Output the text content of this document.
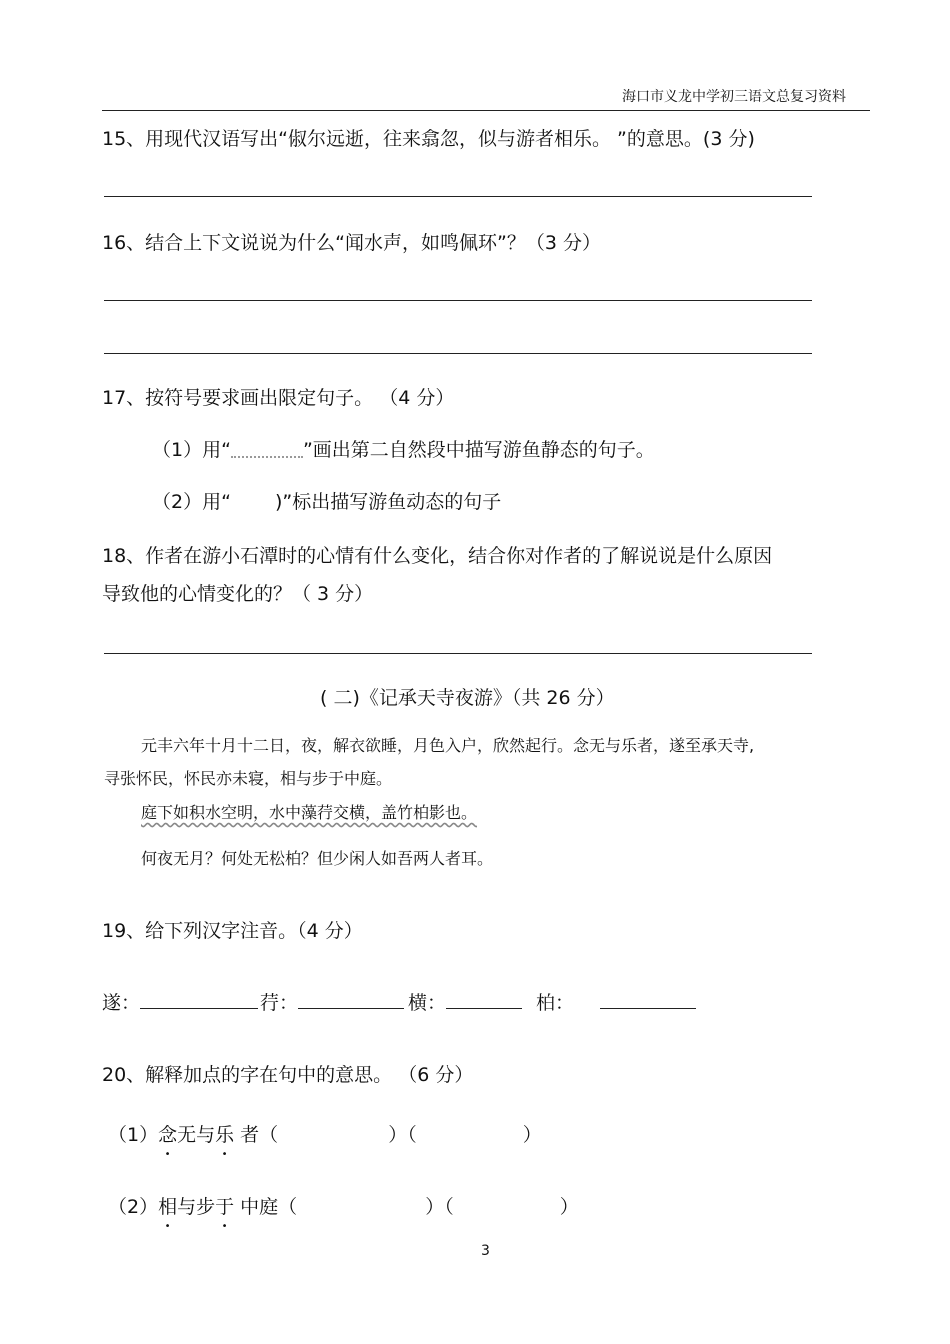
海口市义龙中学初三语文总复习资料
15、用现代汉语写出“俶尔远逝，往来翕忽，似与游者相乐。 ”的意思。(3 分)
16、结合上下文说说为什么“闻水声，如鸣佩环”？（3 分）
17、按符号要求画出限定句子。 （4 分）
（1）用“	”画出第二自然段中描写游鱼静态的句子。
（2）用“ )”标出描写游鱼动态的句子
18、作者在游小石潭时的心情有什么变化，结合你对作者的了解说说是什么原因
导致他的心情变化的？（ 3 分）
( 二)《记承天寺夜游》（共 26 分）
元丰六年十月十二日，夜，解衣欲睡，月色入户，欣然起行。念无与乐者，遂至承天寺,
寻张怀民，怀民亦未寝，相与步于中庭。
庭下如积水空明，水中藻荇交横，盖竹柏影也。
何夜无月？何处无松柏？但少闲人如吾两人者耳。
19、给下列汉字注音。（4 分）
遂：	荇：	横：	柏：
20、解释加点的字在句中的意思。 （6 分）
（1）念无与乐 者（	）（	）
（2）相与步于 中庭（	）（	）
3
